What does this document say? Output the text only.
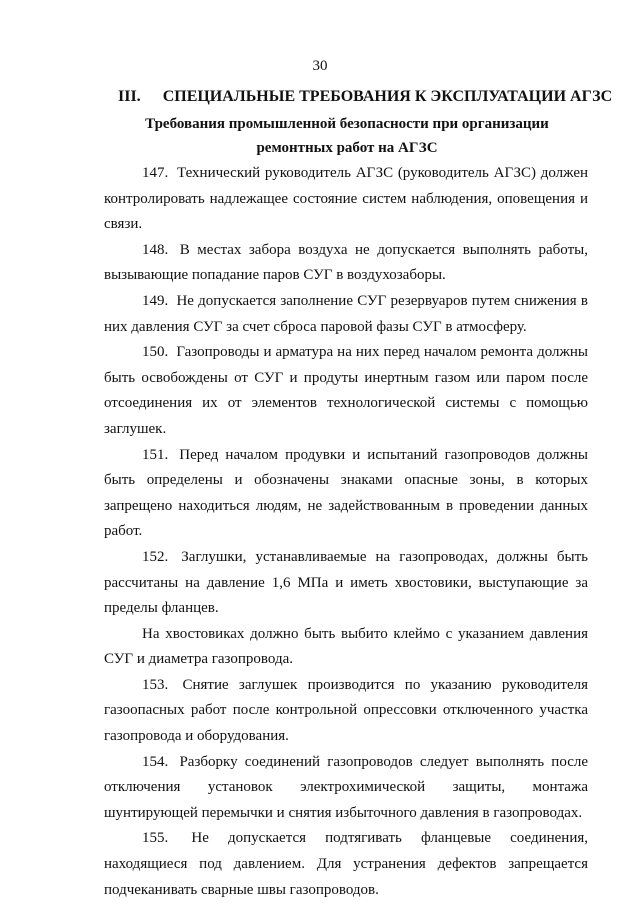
30
III. СПЕЦИАЛЬНЫЕ ТРЕБОВАНИЯ К ЭКСПЛУАТАЦИИ АГЗС
Требования промышленной безопасности при организации
ремонтных работ на АГЗС

147. Технический руководитель АГЗС (руководитель АГЗС) должен контролировать надлежащее состояние систем наблюдения, оповещения и связи.

148. В местах забора воздуха не допускается выполнять работы, вызывающие попадание паров СУГ в воздухозаборы.

149. Не допускается заполнение СУГ резервуаров путем снижения в них давления СУГ за счет сброса паровой фазы СУГ в атмосферу.

150. Газопроводы и арматура на них перед началом ремонта должны быть освобождены от СУГ и продуты инертным газом или паром после отсоединения их от элементов технологической системы с помощью заглушек.

151. Перед началом продувки и испытаний газопроводов должны быть определены и обозначены знаками опасные зоны, в которых запрещено находиться людям, не задействованным в проведении данных работ.

152. Заглушки, устанавливаемые на газопроводах, должны быть рассчитаны на давление 1,6 МПа и иметь хвостовики, выступающие за пределы фланцев.

На хвостовиках должно быть выбито клеймо с указанием давления СУГ и диаметра газопровода.

153. Снятие заглушек производится по указанию руководителя газоопасных работ после контрольной опрессовки отключенного участка газопровода и оборудования.

154. Разборку соединений газопроводов следует выполнять после отключения установок электрохимической защиты, монтажа шунтирующей перемычки и снятия избыточного давления в газопроводах.

155. Не допускается подтягивать фланцевые соединения, находящиеся под давлением. Для устранения дефектов запрещается подчеканивать сварные швы газопроводов.
